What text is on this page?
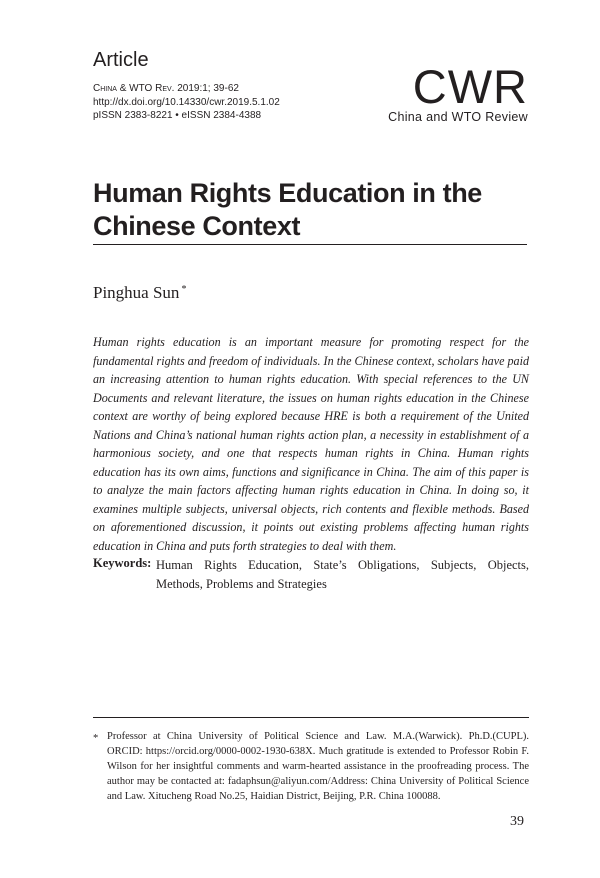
Article
China & WTO Rev. 2019:1; 39-62
http://dx.doi.org/10.14330/cwr.2019.5.1.02
pISSN 2383-8221 • eISSN 2384-4388
CWR
China and WTO Review
Human Rights Education in the Chinese Context
Pinghua Sun *
Human rights education is an important measure for promoting respect for the fundamental rights and freedom of individuals. In the Chinese context, scholars have paid an increasing attention to human rights education. With special references to the UN Documents and relevant literature, the issues on human rights education in the Chinese context are worthy of being explored because HRE is both a requirement of the United Nations and China’s national human rights action plan, a necessity in establishment of a harmonious society, and one that respects human rights in China. Human rights education has its own aims, functions and significance in China. The aim of this paper is to analyze the main factors affecting human rights education in China. In doing so, it examines multiple subjects, universal objects, rich contents and flexible methods. Based on aforementioned discussion, it points out existing problems affecting human rights education in China and puts forth strategies to deal with them.
Keywords: Human Rights Education, State’s Obligations, Subjects, Objects, Methods, Problems and Strategies
* Professor at China University of Political Science and Law. M.A.(Warwick). Ph.D.(CUPL). ORCID: https://orcid.org/0000-0002-1930-638X. Much gratitude is extended to Professor Robin F. Wilson for her insightful comments and warm-hearted assistance in the proofreading process. The author may be contacted at: fadaphsun@aliyun.com/Address: China University of Political Science and Law. Xitucheng Road No.25, Haidian District, Beijing, P.R. China 100088.
39
